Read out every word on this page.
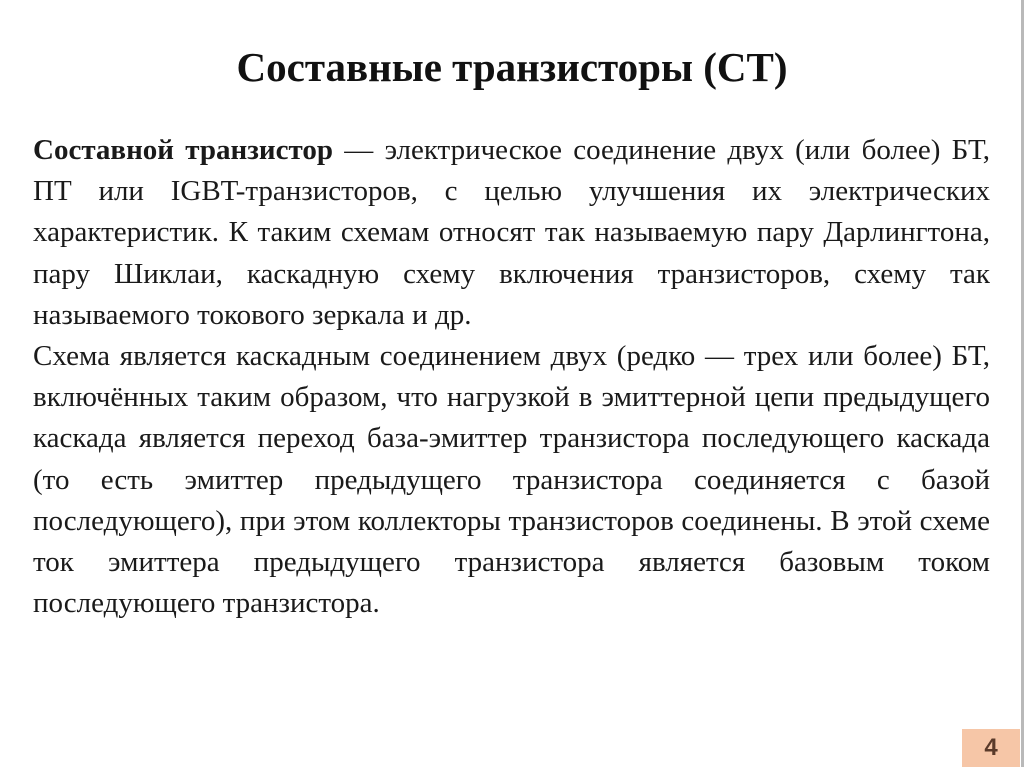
Составные транзисторы (СТ)

Составной транзистор — электрическое соединение двух (или более) БТ, ПТ или IGBT-транзисторов, с целью улучшения их электрических характеристик. К таким схемам относят так называемую пару Дарлингтона, пару Шиклаи, каскадную схему включения транзисторов, схему так называемого токового зеркала и др.

Схема является каскадным соединением двух (редко — трех или более) БТ, включённых таким образом, что нагрузкой в эмиттерной цепи предыдущего каскада является переход база-эмиттер транзистора последующего каскада (то есть эмиттер предыдущего транзистора соединяется с базой последующего), при этом коллекторы транзисторов соединены. В этой схеме ток эмиттера предыдущего транзистора является базовым током последующего транзистора.

4
